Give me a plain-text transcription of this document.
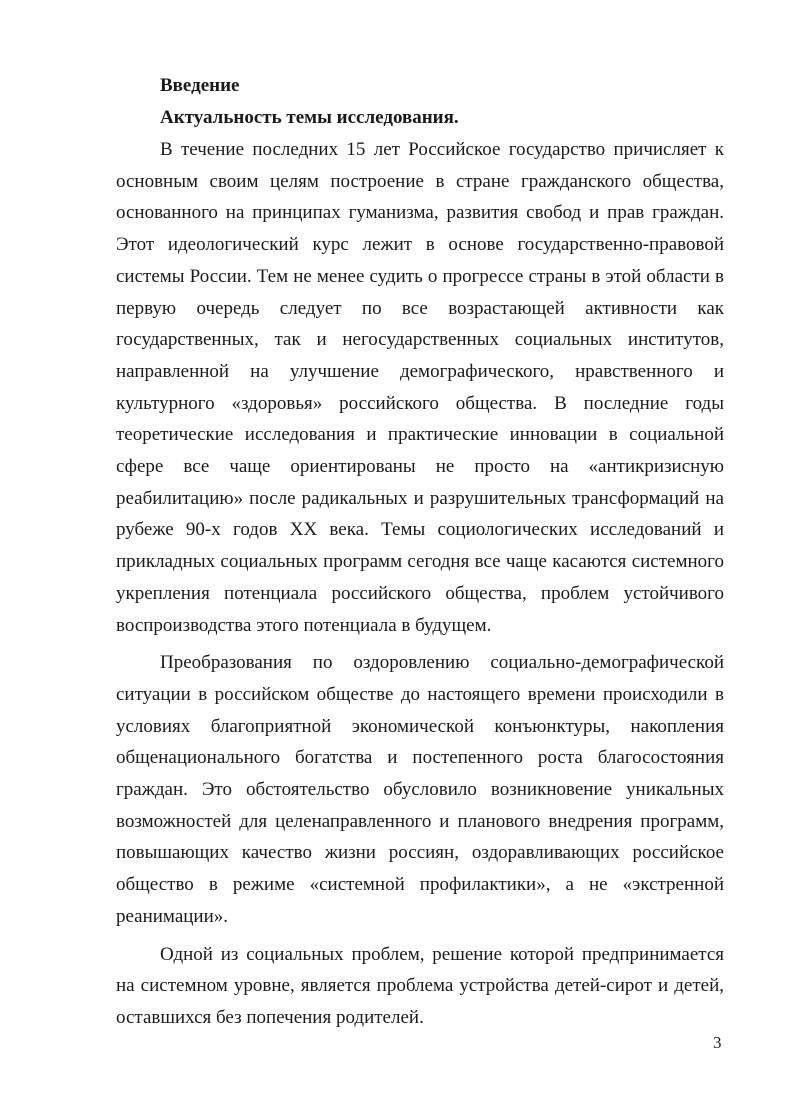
Введение
Актуальность темы исследования.

В течение последних 15 лет Российское государство причисляет к основным своим целям построение в стране гражданского общества, основанного на принципах гуманизма, развития свобод и прав граждан. Этот идеологический курс лежит в основе государственно-правовой системы России. Тем не менее судить о прогрессе страны в этой области в первую очередь следует по все возрастающей активности как государственных, так и негосударственных социальных институтов, направленной на улучшение демографического, нравственного и культурного «здоровья» российского общества. В последние годы теоретические исследования и практические инновации в социальной сфере все чаще ориентированы не просто на «антикризисную реабилитацию» после радикальных и разрушительных трансформаций на рубеже 90-х годов XX века. Темы социологических исследований и прикладных социальных программ сегодня все чаще касаются системного укрепления потенциала российского общества, проблем устойчивого воспроизводства этого потенциала в будущем.

Преобразования по оздоровлению социально-демографической ситуации в российском обществе до настоящего времени происходили в условиях благоприятной экономической конъюнктуры, накопления общенационального богатства и постепенного роста благосостояния граждан. Это обстоятельство обусловило возникновение уникальных возможностей для целенаправленного и планового внедрения программ, повышающих качество жизни россиян, оздоравливающих российское общество в режиме «системной профилактики», а не «экстренной реанимации».

Одной из социальных проблем, решение которой предпринимается на системном уровне, является проблема устройства детей-сирот и детей, оставшихся без попечения родителей.

3
